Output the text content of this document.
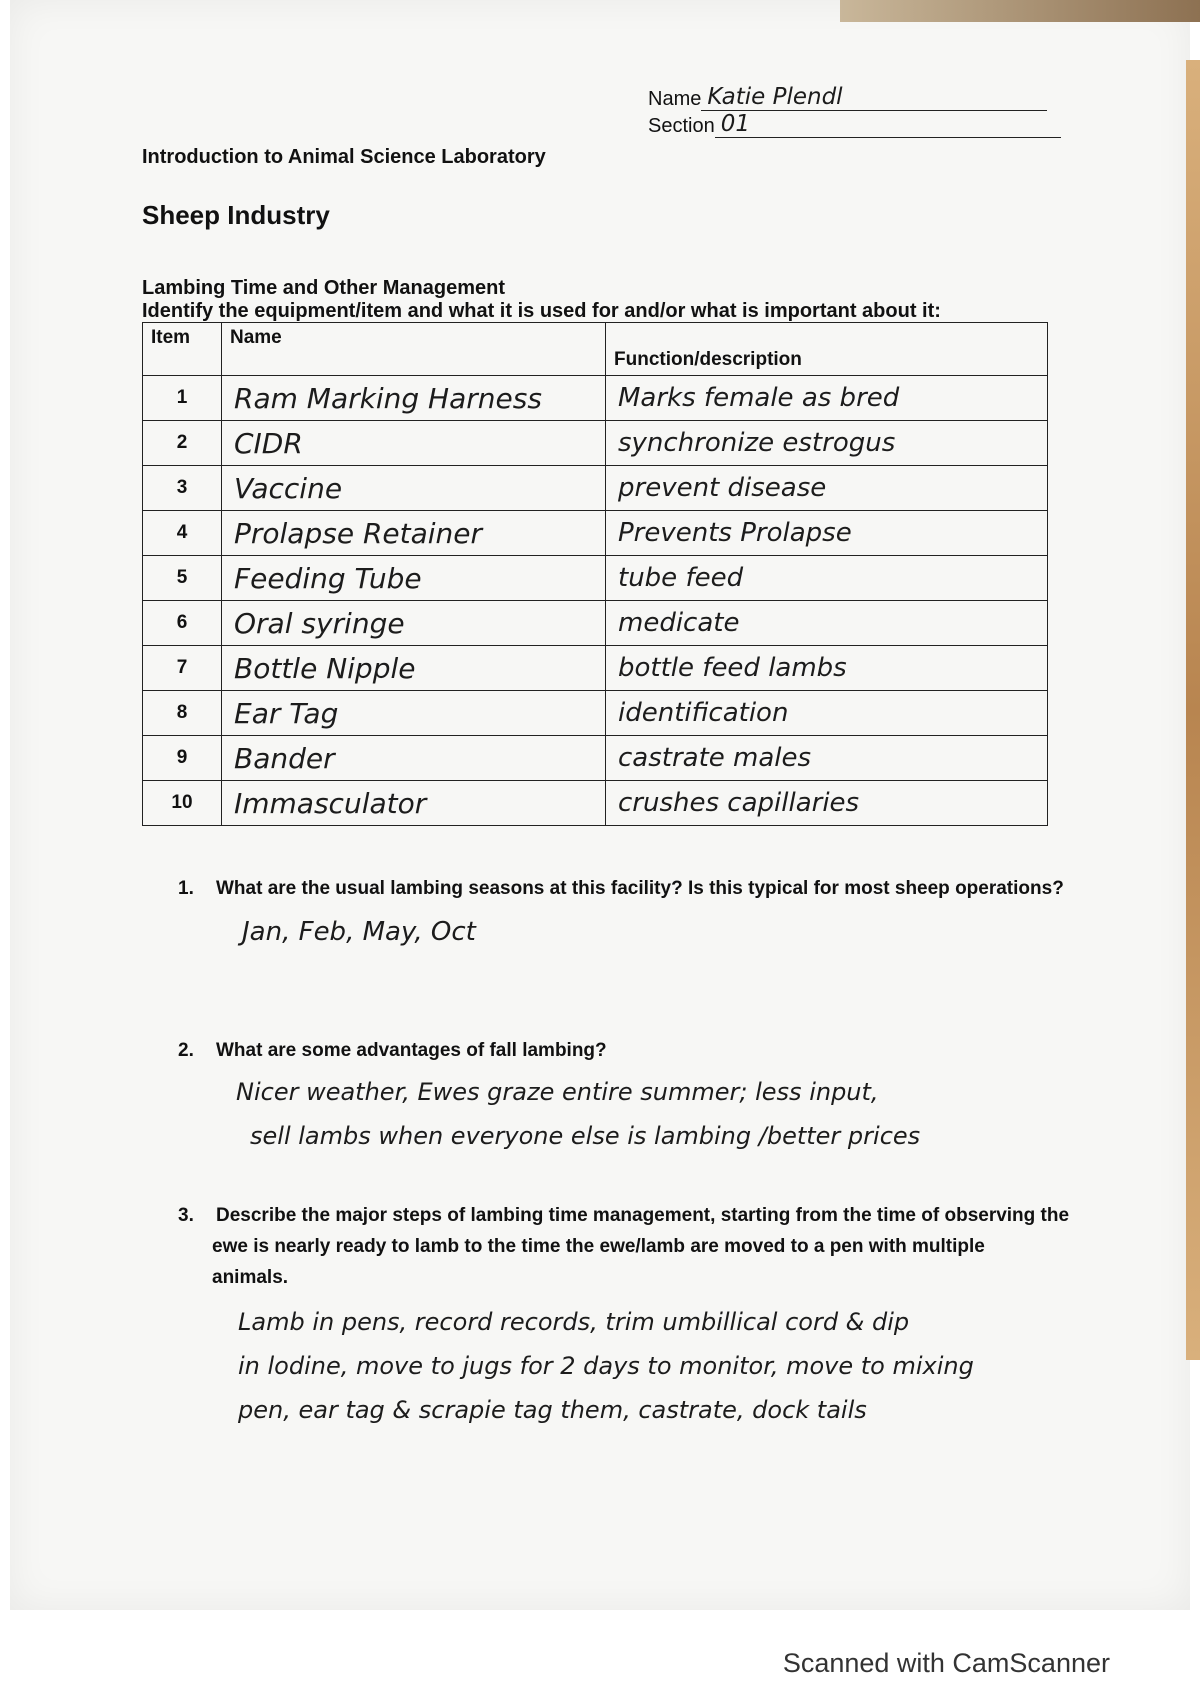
Name Katie Plendl
Section 01
Introduction to Animal Science Laboratory
Sheep Industry
Lambing Time and Other Management
Identify the equipment/item and what it is used for and/or what is important about it:
Item	Name	Function/description
1	Ram Marking Harness	Marks female as bred
2	CIDR	synchronize estrogus
3	Vaccine	prevent disease
4	Prolapse Retainer	Prevents Prolapse
5	Feeding Tube	tube feed
6	Oral syringe	medicate
7	Bottle Nipple	bottle feed lambs
8	Ear Tag	identification
9	Bander	castrate males
10	Immasculator	crushes capillaries
1. What are the usual lambing seasons at this facility? Is this typical for most sheep operations?
Jan, Feb, May, Oct
2. What are some advantages of fall lambing?
Nicer weather, Ewes graze entire summer; less input,
sell lambs when everyone else is lambing /better prices
3. Describe the major steps of lambing time management, starting from the time of observing the
ewe is nearly ready to lamb to the time the ewe/lamb are moved to a pen with multiple
animals.
Lamb in pens, record records, trim umbillical cord & dip
in lodine, move to jugs for 2 days to monitor, move to mixing
pen, ear tag & scrapie tag them, castrate, dock tails
Scanned with CamScanner
